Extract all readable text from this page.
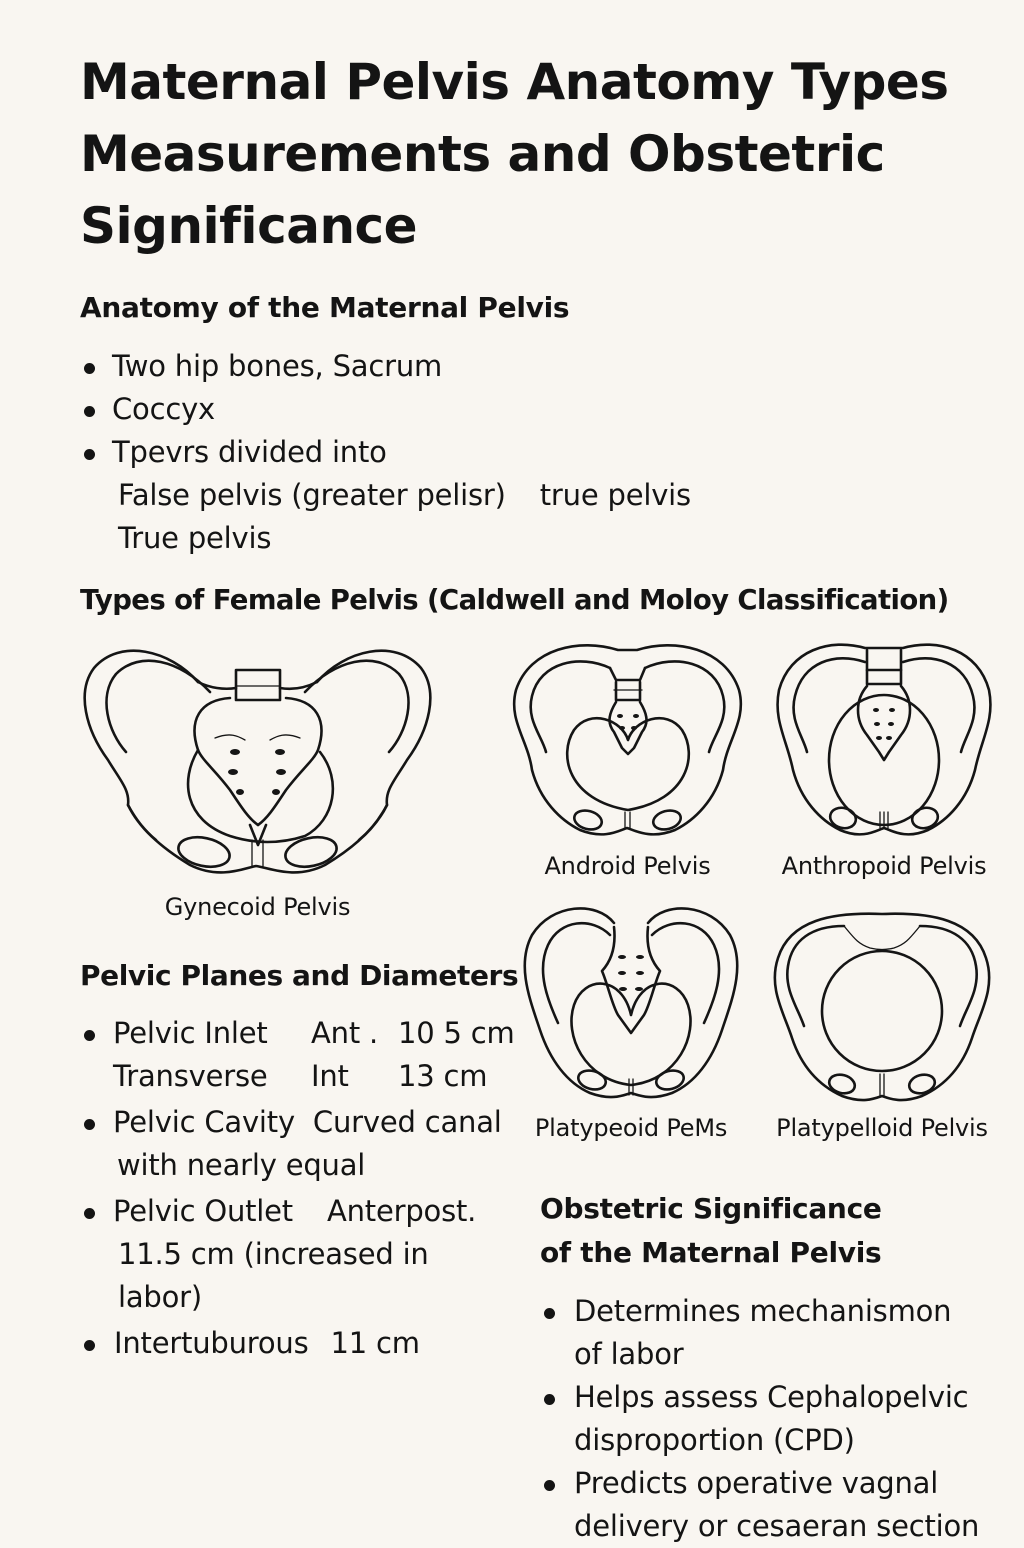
Maternal Pelvis Anatomy Types
Measurements and Obstetric
Significance
Anatomy of the Maternal Pelvis
Two hip bones, Sacrum
Coccyx
Tpevrs divided into
False pelvis (greater pelisr) true pelvis
True pelvis
Types of Female Pelvis (Caldwell and Moloy Classification)
Gynecoid Pelvis
Android Pelvis	Anthropoid Pelvis
Platypeoid PeMs	Platypelloid Pelvis
Pelvic Planes and Diameters
Pelvic Inlet Ant . 10 5 cm
Transverse Int 13 cm
Pelvic Cavity Curved canal
with nearly equal
Pelvic Outlet Anterpost.
11.5 cm (increased in labor)
Intertuburous 11 cm
Obstetric Significance
of the Maternal Pelvis
Determines mechanismon
of labor
Helps assess Cephalopelvic
disproportion (CPD)
Predicts operative vagnal
delivery or cesaeran section
